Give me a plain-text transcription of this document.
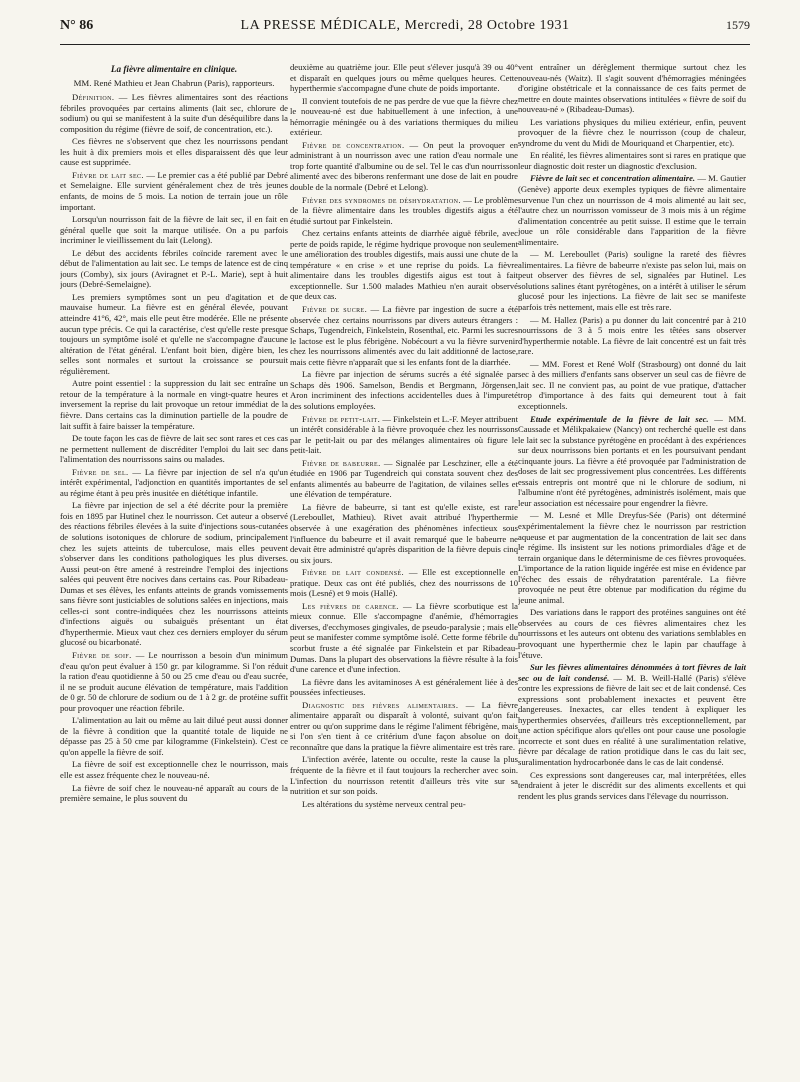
N° 86	LA PRESSE MÉDICALE, Mercredi, 28 Octobre 1931	1579

La fièvre alimentaire en clinique.

MM. René Mathieu et Jean Chabrun (Paris), rapporteurs.

Définition. — Les fièvres alimentaires sont des réactions fébriles provoquées par certains aliments (lait sec, chlorure de sodium) ou qui se manifestent à la suite d'un déséquilibre dans la composition du régime (fièvre de soif, de concentration, etc.).

Ces fièvres ne s'observent que chez les nourrissons pendant les huit à dix premiers mois et elles disparaissent dès que leur cause est supprimée.

Fièvre de lait sec. — Le premier cas a été publié par Debré et Semelaigne. Elle survient généralement chez de très jeunes enfants, de moins de 5 mois. La notion de terrain joue un rôle important.

Lorsqu'un nourrisson fait de la fièvre de lait sec, il en fait en général quelle que soit la marque utilisée. On a pu parfois incriminer le vieillissement du lait (Lelong).

Le début des accidents fébriles coïncide rarement avec le début de l'alimentation au lait sec. Le temps de latence est de cinq jours (Comby), six jours (Aviragnet et P.-L. Marie), sept à huit jours (Debré-Semelaigne).

Les premiers symptômes sont un peu d'agitation et de mauvaise humeur. La fièvre est en général élevée, pouvant atteindre 41°6, 42°, mais elle peut être modérée. Elle ne présente aucun type précis. Ce qui la caractérise, c'est qu'elle reste presque toujours un symptôme isolé et qu'elle ne s'accompagne d'aucune altération de l'état général. L'enfant boit bien, digère bien, les selles sont normales et surtout la croissance se poursuit régulièrement.

Autre point essentiel : la suppression du lait sec entraîne un retour de la température à la normale en vingt-quatre heures et inversement la reprise du lait provoque un retour immédiat de la fièvre. Dans certains cas la diminution partielle de la poudre de lait suffit à faire baisser la température.

De toute façon les cas de fièvre de lait sec sont rares et ces cas ne permettent nullement de discréditer l'emploi du lait sec dans l'alimentation des nourrissons sains ou malades.

Fièvre de sel. — La fièvre par injection de sel n'a qu'un intérêt expérimental, l'adjonction en quantités importantes de sel au régime étant à peu près inusitée en diététique infantile.

La fièvre par injection de sel a été décrite pour la première fois en 1895 par Hutinel chez le nourrisson. Cet auteur a observé des réactions fébriles élevées à la suite d'injections sous-cutanées de solutions isotoniques de chlorure de sodium, principalement chez les sujets atteints de tuberculose, mais elles peuvent s'observer dans les conditions pathologiques les plus diverses. Aussi peut-on être amené à restreindre l'emploi des injections salées qui peuvent être nocives dans certains cas. Pour Ribadeau-Dumas et ses élèves, les enfants atteints de grands vomissements sans fièvre sont justiciables de solutions salées en injections, mais celles-ci sont contre-indiquées chez les nourrissons atteints d'infections aiguës ou subaiguës présentant un état d'hyperthermie. Mieux vaut chez ces derniers employer du sérum glucosé ou bicarbonaté.

Fièvre de soif. — Le nourrisson a besoin d'un minimum d'eau qu'on peut évaluer à 150 gr. par kilogramme. Si l'on réduit la ration d'eau quotidienne à 50 ou 25 cme d'eau ou d'eau sucrée, il ne se produit aucune élévation de température, mais l'addition de 0 gr. 50 de chlorure de sodium ou de 1 à 2 gr. de protéine suffit pour provoquer une réaction fébrile.

L'alimentation au lait ou même au lait dilué peut aussi donner de la fièvre à condition que la quantité totale de liquide ne dépasse pas 25 à 50 cme par kilogramme (Finkelstein). C'est ce qu'on appelle la fièvre de soif.

La fièvre de soif est exceptionnelle chez le nourrisson, mais elle est assez fréquente chez le nouveau-né.

La fièvre de soif chez le nouveau-né apparaît au cours de la première semaine, le plus souvent du

deuxième au quatrième jour. Elle peut s'élever jusqu'à 39 ou 40° et disparaît en quelques jours ou même quelques heures. Cette hyperthermie s'accompagne d'une chute de poids importante.

Il convient toutefois de ne pas perdre de vue que la fièvre chez le nouveau-né est due habituellement à une infection, à une hémorragie méningée ou à des variations thermiques du milieu extérieur.

Fièvre de concentration. — On peut la provoquer en administrant à un nourrisson avec une ration d'eau normale une trop forte quantité d'albumine ou de sel. Tel le cas d'un nourrisson alimenté avec des biberons renfermant une dose de lait en poudre double de la normale (Debré et Lelong).

Fièvre des syndromes de déshydratation. — Le problème de la fièvre alimentaire dans les troubles digestifs aigus a été étudié surtout par Finkelstein.

Chez certains enfants atteints de diarrhée aiguë fébrile, avec perte de poids rapide, le régime hydrique provoque non seulement une amélioration des troubles digestifs, mais aussi une chute de la température « en crise » et une reprise du poids. La fièvre alimentaire dans les troubles digestifs aigus est tout à fait exceptionnelle. Sur 1.500 malades Mathieu n'en aurait observé que deux cas.

Fièvre de sucre. — La fièvre par ingestion de sucre a été observée chez certains nourrissons par divers auteurs étrangers : Schaps, Tugendreich, Finkelstein, Rosenthal, etc. Parmi les sucres le lactose est le plus fébrigène. Nobécourt a vu la fièvre survenir chez les nourrissons alimentés avec du lait additionné de lactose, mais cette fièvre n'apparaît que si les enfants font de la diarrhée.

La fièvre par injection de sérums sucrés a été signalée par Schaps dès 1906. Samelson, Bendis et Bergmann, Jörgensen, Aron incriminent des infections accidentelles dues à l'impureté des solutions employées.

Fièvre de petit-lait. — Finkelstein et L.-F. Meyer attribuent un intérêt considérable à la fièvre provoquée chez les nourrissons par le petit-lait ou par des mélanges alimentaires où figure le petit-lait.

Fièvre de babeurre. — Signalée par Leschziner, elle a été étudiée en 1906 par Tugendreich qui constata souvent chez des enfants alimentés au babeurre de l'agitation, de vilaines selles et une élévation de température.

La fièvre de babeurre, si tant est qu'elle existe, est rare (Lereboullet, Mathieu). Rivet avait attribué l'hyperthermie observée à une exagération des phénomènes infectieux sous l'influence du babeurre et il avait remarqué que le babeurre ne devait être administré qu'après disparition de la fièvre depuis cinq ou six jours.

Fièvre de lait condensé. — Elle est exceptionnelle en pratique. Deux cas ont été publiés, chez des nourrissons de 10 mois (Lesné) et 9 mois (Hallé).

Les fièvres de carence. — La fièvre scorbutique est la mieux connue. Elle s'accompagne d'anémie, d'hémorragies diverses, d'ecchymoses gingivales, de pseudo-paralysie ; mais elle peut se manifester comme symptôme isolé. Cette forme fébrile du scorbut fruste a été signalée par Finkelstein et par Ribadeau-Dumas. Dans la plupart des observations la fièvre résulte à la fois d'une carence et d'une infection.

La fièvre dans les avitaminoses A est généralement liée à des poussées infectieuses.

Diagnostic des fièvres alimentaires. — La fièvre alimentaire apparaît ou disparaît à volonté, suivant qu'on fait entrer ou qu'on supprime dans le régime l'aliment fébrigène, mais si l'on s'en tient à ce critérium d'une façon absolue on doit reconnaître que dans la pratique la fièvre alimentaire est très rare.

L'infection avérée, latente ou occulte, reste la cause la plus fréquente de la fièvre et il faut toujours la rechercher avec soin. L'infection du nourrisson retentit d'ailleurs très vite sur sa nutrition et sur son poids.

Les altérations du système nerveux central peu-

vent entraîner un dérèglement thermique surtout chez les nouveau-nés (Waitz). Il s'agit souvent d'hémorragies méningées d'origine obstétricale et la connaissance de ces faits permet de mettre en doute maintes observations intitulées « fièvre de soif du nouveau-né » (Ribadeau-Dumas).

Les variations physiques du milieu extérieur, enfin, peuvent provoquer de la fièvre chez le nourrisson (coup de chaleur, syndrome du vent du Midi de Mouriquand et Charpentier, etc).

En réalité, les fièvres alimentaires sont si rares en pratique que leur diagnostic doit rester un diagnostic d'exclusion.

Fièvre de lait sec et concentration alimentaire. — M. Gautier (Genève) apporte deux exemples typiques de fièvre alimentaire survenue l'un chez un nourrisson de 4 mois alimenté au lait sec, l'autre chez un nourrisson vomisseur de 3 mois mis à un régime d'alimentation concentrée au petit suisse. Il estime que le terrain joue un rôle considérable dans l'apparition de la fièvre alimentaire.

— M. Lereboullet (Paris) souligne la rareté des fièvres alimentaires. La fièvre de babeurre n'existe pas selon lui, mais on peut observer des fièvres de sel, signalées par Hutinel. Les solutions salines étant pyrétogènes, on a intérêt à utiliser le sérum glucosé pour les injections. La fièvre de lait sec se manifeste parfois très nettement, mais elle est très rare.

— M. Hallez (Paris) a pu donner du lait concentré par à 210 nourrissons de 3 à 5 mois entre les têtées sans observer d'hyperthermie notable. La fièvre de lait concentré est un fait très rare.

— MM. Forest et René Wolf (Strasbourg) ont donné du lait sec à des milliers d'enfants sans observer un seul cas de fièvre de lait sec. Il ne convient pas, au point de vue pratique, d'attacher trop d'importance à des faits qui demeurent tout à fait exceptionnels.

Etude expérimentale de la fièvre de lait sec. — MM. Caussade et Mélikpakaiew (Nancy) ont recherché quelle est dans le lait sec la substance pyrétogène en procédant à des expériences sur deux nourrissons bien portants et en les poursuivant pendant cinquante jours. La fièvre a été provoquée par l'administration de doses de lait sec progressivement plus concentrées. Les différents essais entrepris ont montré que ni le chlorure de sodium, ni l'albumine n'ont été pyrétogènes, administrés isolément, mais que leur association est nécessaire pour engendrer la fièvre.

— M. Lesné et Mlle Dreyfus-Sée (Paris) ont déterminé expérimentalement la fièvre chez le nourrisson par restriction aqueuse et par augmentation de la concentration de lait sec dans le régime. Ils insistent sur les notions primordiales d'âge et de terrain organique dans le déterminisme de ces fièvres provoquées. L'importance de la ration liquide ingérée est mise en évidence par l'échec des essais de réhydratation parentérale. La fièvre provoquée ne peut être obtenue par modification du régime du jeune animal.

Des variations dans le rapport des protéines sanguines ont été observées au cours de ces fièvres alimentaires chez les nourrissons et les auteurs ont obtenu des variations semblables en provoquant une hyperthermie chez le lapin par chauffage à l'étuve.

Sur les fièvres alimentaires dénommées à tort fièvres de lait sec ou de lait condensé. — M. B. Weill-Hallé (Paris) s'élève contre les expressions de fièvre de lait sec et de lait condensé. Ces expressions sont probablement inexactes et peuvent être dangereuses. Inexactes, car elles tendent à expliquer les hyperthermies observées, d'ailleurs très exceptionnellement, par une action spécifique alors qu'elles ont pour cause une posologie incorrecte et sont dues en réalité à une suralimentation relative, fièvre par décalage de ration protidique dans le cas du lait sec, suralimentation hydrocarbonée dans le cas de lait condensé.

Ces expressions sont dangereuses car, mal interprétées, elles tendraient à jeter le discrédit sur des aliments excellents et qui rendent les plus grands services dans l'élevage du nourrisson.
